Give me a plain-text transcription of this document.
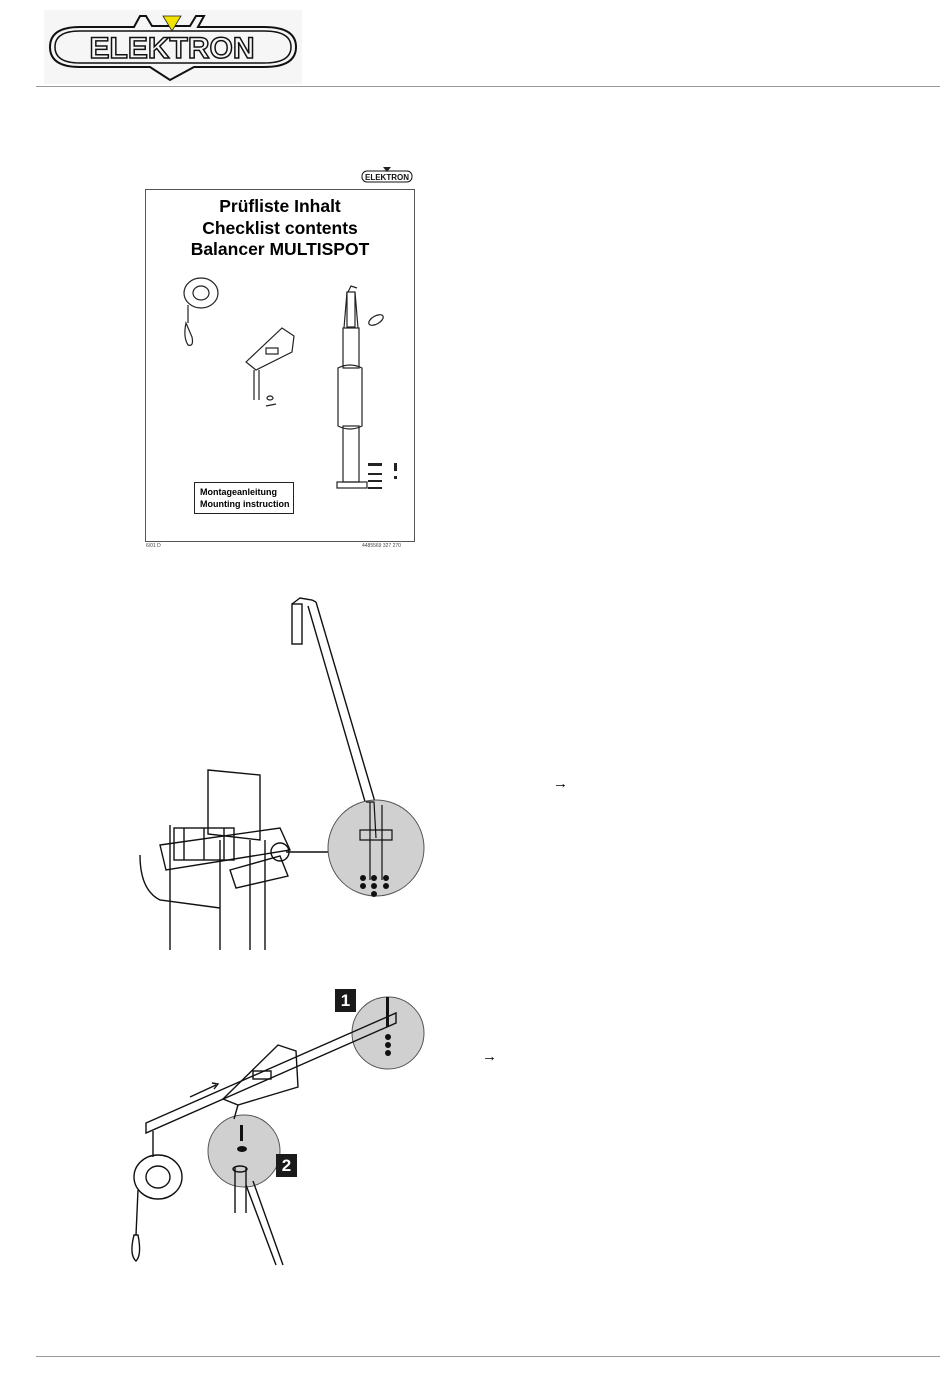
ELEKTRON
ELEKTRON
Prüfliste Inhalt
Checklist contents
Balancer MULTISPOT
Montageanleitung
Mounting instruction
6/01 D	4485569 327 270
→
1
2
→
